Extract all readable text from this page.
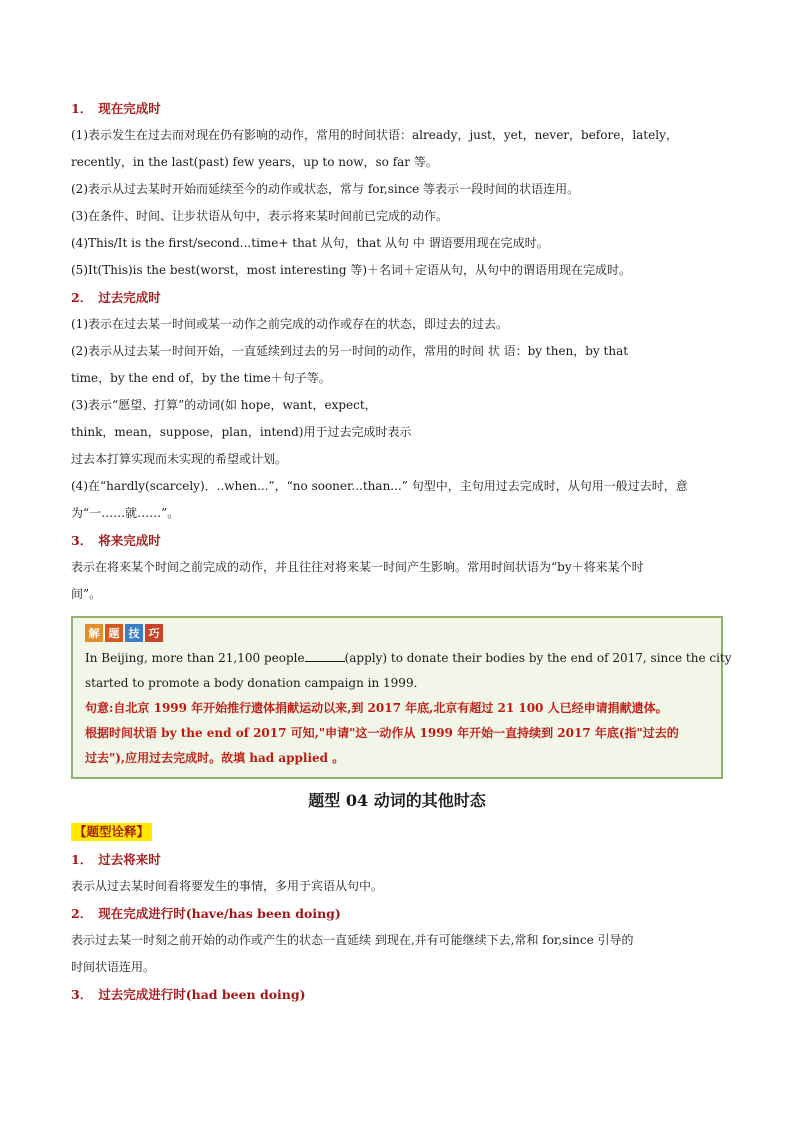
1． 现在完成时

(1)表示发生在过去而对现在仍有影响的动作，常用的时间状语：already，just，yet，never，before，lately，

recently，in the last(past) few years，up to now，so far 等。

(2)表示从过去某时开始而延续至今的动作或状态，常与 for,since 等表示一段时间的状语连用。

(3)在条件、时间、让步状语从句中，表示将来某时间前已完成的动作。

(4)This/It is the first/second...time+ that 从句，that 从句 中 谓语要用现在完成时。

(5)It(This)is the best(worst，most interesting 等)＋名词＋定语从句，从句中的谓语用现在完成时。

2． 过去完成时

(1)表示在过去某一时间或某一动作之前完成的动作或存在的状态，即过去的过去。

(2)表示从过去某一时间开始，一直延续到过去的另一时间的动作，常用的时间 状 语：by then，by that

time，by the end of，by the time＋句子等。

(3)表示“愿望、打算”的动词(如 hope，want，expect，

think，mean，suppose，plan，intend)用于过去完成时表示

过去本打算实现而未实现的希望或计划。

(4)在“hardly(scarcely)．..when...”，“no sooner...than...” 句型中，主句用过去完成时，从句用一般过去时，意

为“一……就……”。

3． 将来完成时

表示在将来某个时间之前完成的动作，并且往往对将来某一时间产生影响。常用时间状语为“by＋将来某个时

间”。

解 题 技 巧

In Beijing, more than 21,100 people	(apply) to donate their bodies by the end of 2017, since the city

started to promote a body donation campaign in 1999.

句意:自北京 1999 年开始推行遗体捐献运动以来,到 2017 年底,北京有超过 21 100 人已经申请捐献遗体。

根据时间状语 by the end of 2017 可知,"申请"这一动作从 1999 年开始一直持续到 2017 年底(指"过去的

过去"),应用过去完成时。故填 had applied 。

题型 04 动词的其他时态

【题型诠释】

1． 过去将来时

表示从过去某时间看将要发生的事情，多用于宾语从句中。

2． 现在完成进行时(have/has been doing)

表示过去某一时刻之前开始的动作或产生的状态一直延续 到现在,并有可能继续下去,常和 for,since 引导的

时间状语连用。

3． 过去完成进行时(had been doing)
